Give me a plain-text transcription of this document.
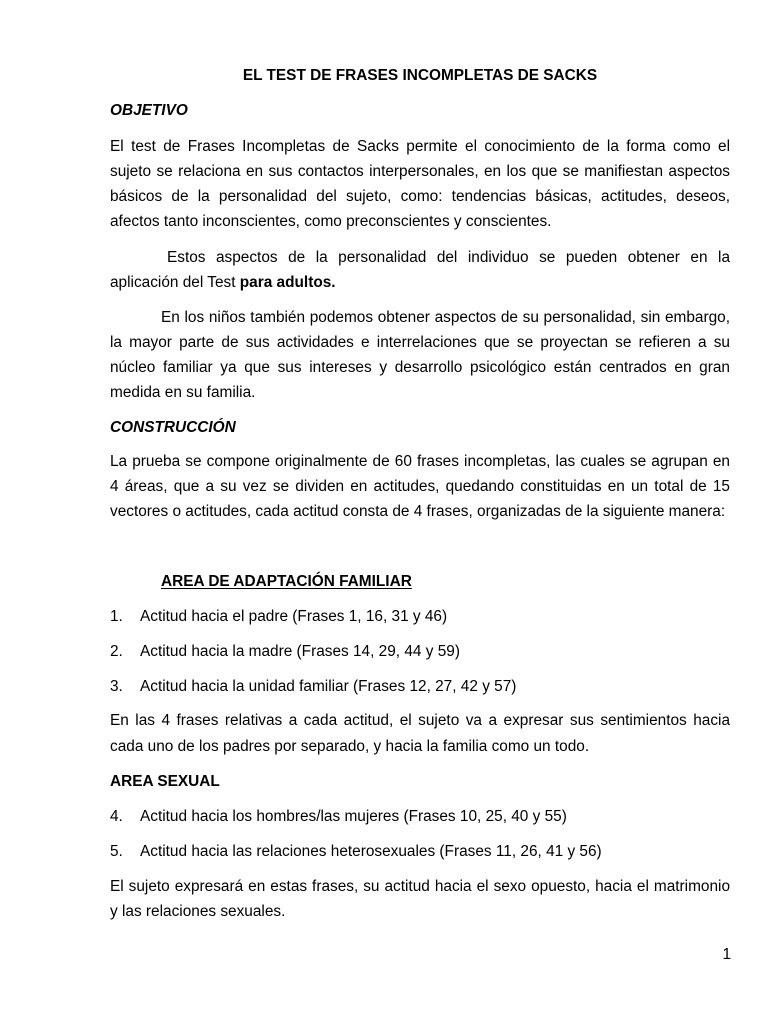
EL TEST DE FRASES INCOMPLETAS DE SACKS
OBJETIVO
El test de Frases Incompletas de Sacks permite el conocimiento de la forma como el
sujeto se relaciona en sus contactos interpersonales, en los que se manifiestan aspectos
básicos de la personalidad del sujeto, como: tendencias básicas, actitudes, deseos,
afectos tanto inconscientes, como preconscientes y conscientes.
Estos aspectos de la personalidad del individuo se pueden obtener en la
aplicación del Test para adultos.
En los niños también podemos obtener aspectos de su personalidad, sin embargo,
la mayor parte de sus actividades e interrelaciones que se proyectan se refieren a su
núcleo familiar ya que sus intereses y desarrollo psicológico están centrados en gran
medida en su familia.
CONSTRUCCIÓN
La prueba se compone originalmente de 60 frases incompletas, las cuales se agrupan en
4 áreas, que a su vez se dividen en actitudes, quedando constituidas en un total de 15
vectores o actitudes, cada actitud consta de 4 frases, organizadas de la siguiente manera:
AREA DE ADAPTACIÓN FAMILIAR
1.	Actitud hacia el padre (Frases 1, 16, 31 y 46)
2.	Actitud hacia la madre (Frases 14, 29, 44 y 59)
3.	Actitud hacia la unidad familiar (Frases 12, 27, 42 y 57)
En las 4 frases relativas a cada actitud, el sujeto va a expresar sus sentimientos hacia
cada uno de los padres por separado, y hacia la familia como un todo.
AREA SEXUAL
4.	Actitud hacia los hombres/las mujeres (Frases 10, 25, 40 y 55)
5.	Actitud hacia las relaciones heterosexuales (Frases 11, 26, 41 y 56)
El sujeto expresará en estas frases, su actitud hacia el sexo opuesto, hacia el matrimonio
y las relaciones sexuales.
1
